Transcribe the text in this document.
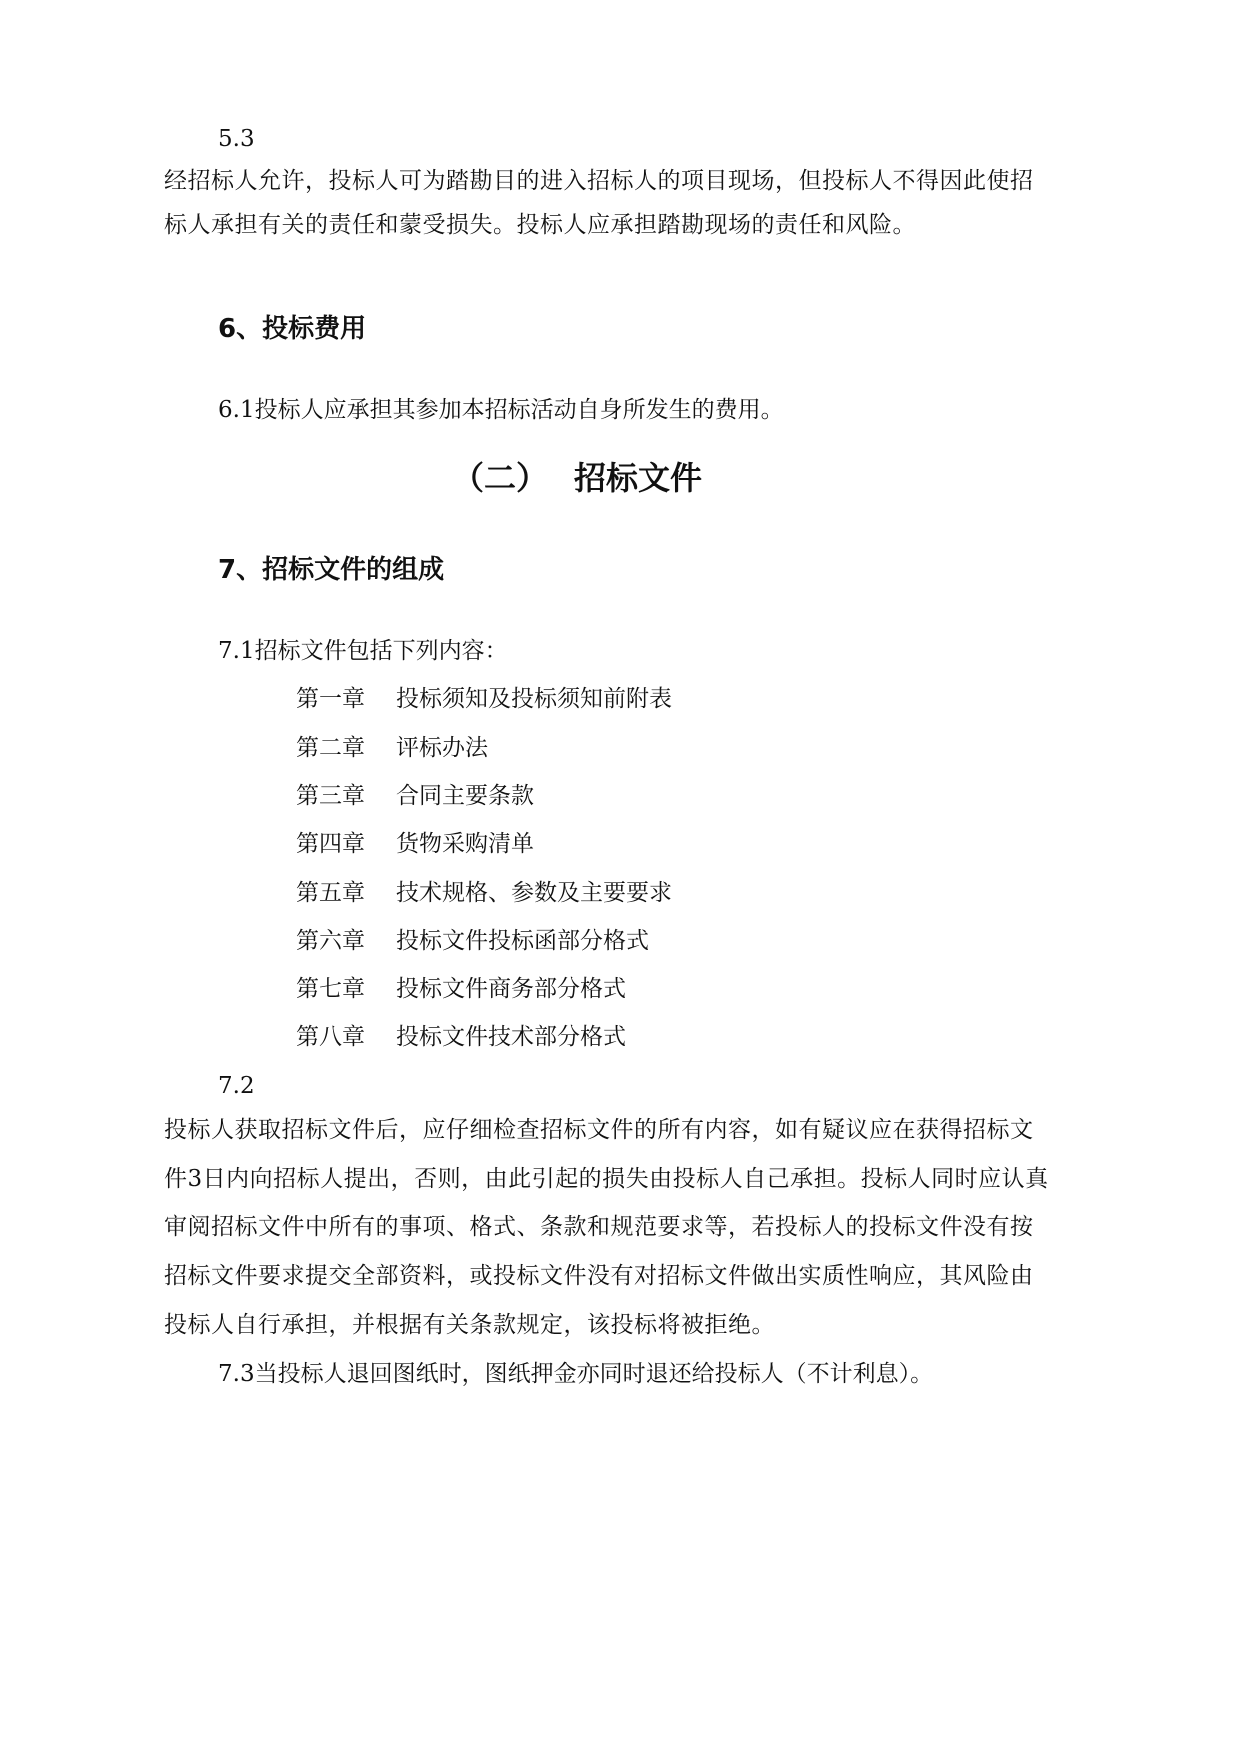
5.3
经招标人允许，投标人可为踏勘目的进入招标人的项目现场，但投标人不得因此使招
标人承担有关的责任和蒙受损失。投标人应承担踏勘现场的责任和风险。
6、投标费用
6.1投标人应承担其参加本招标活动自身所发生的费用。
（二） 招标文件
7、招标文件的组成
7.1招标文件包括下列内容：
第一章 投标须知及投标须知前附表
第二章 评标办法
第三章 合同主要条款
第四章 货物采购清单
第五章 技术规格、参数及主要要求
第六章 投标文件投标函部分格式
第七章 投标文件商务部分格式
第八章 投标文件技术部分格式
7.2
投标人获取招标文件后，应仔细检查招标文件的所有内容，如有疑议应在获得招标文
件3日内向招标人提出，否则，由此引起的损失由投标人自己承担。投标人同时应认真
审阅招标文件中所有的事项、格式、条款和规范要求等，若投标人的投标文件没有按
招标文件要求提交全部资料，或投标文件没有对招标文件做出实质性响应，其风险由
投标人自行承担，并根据有关条款规定，该投标将被拒绝。
7.3当投标人退回图纸时，图纸押金亦同时退还给投标人（不计利息）。
